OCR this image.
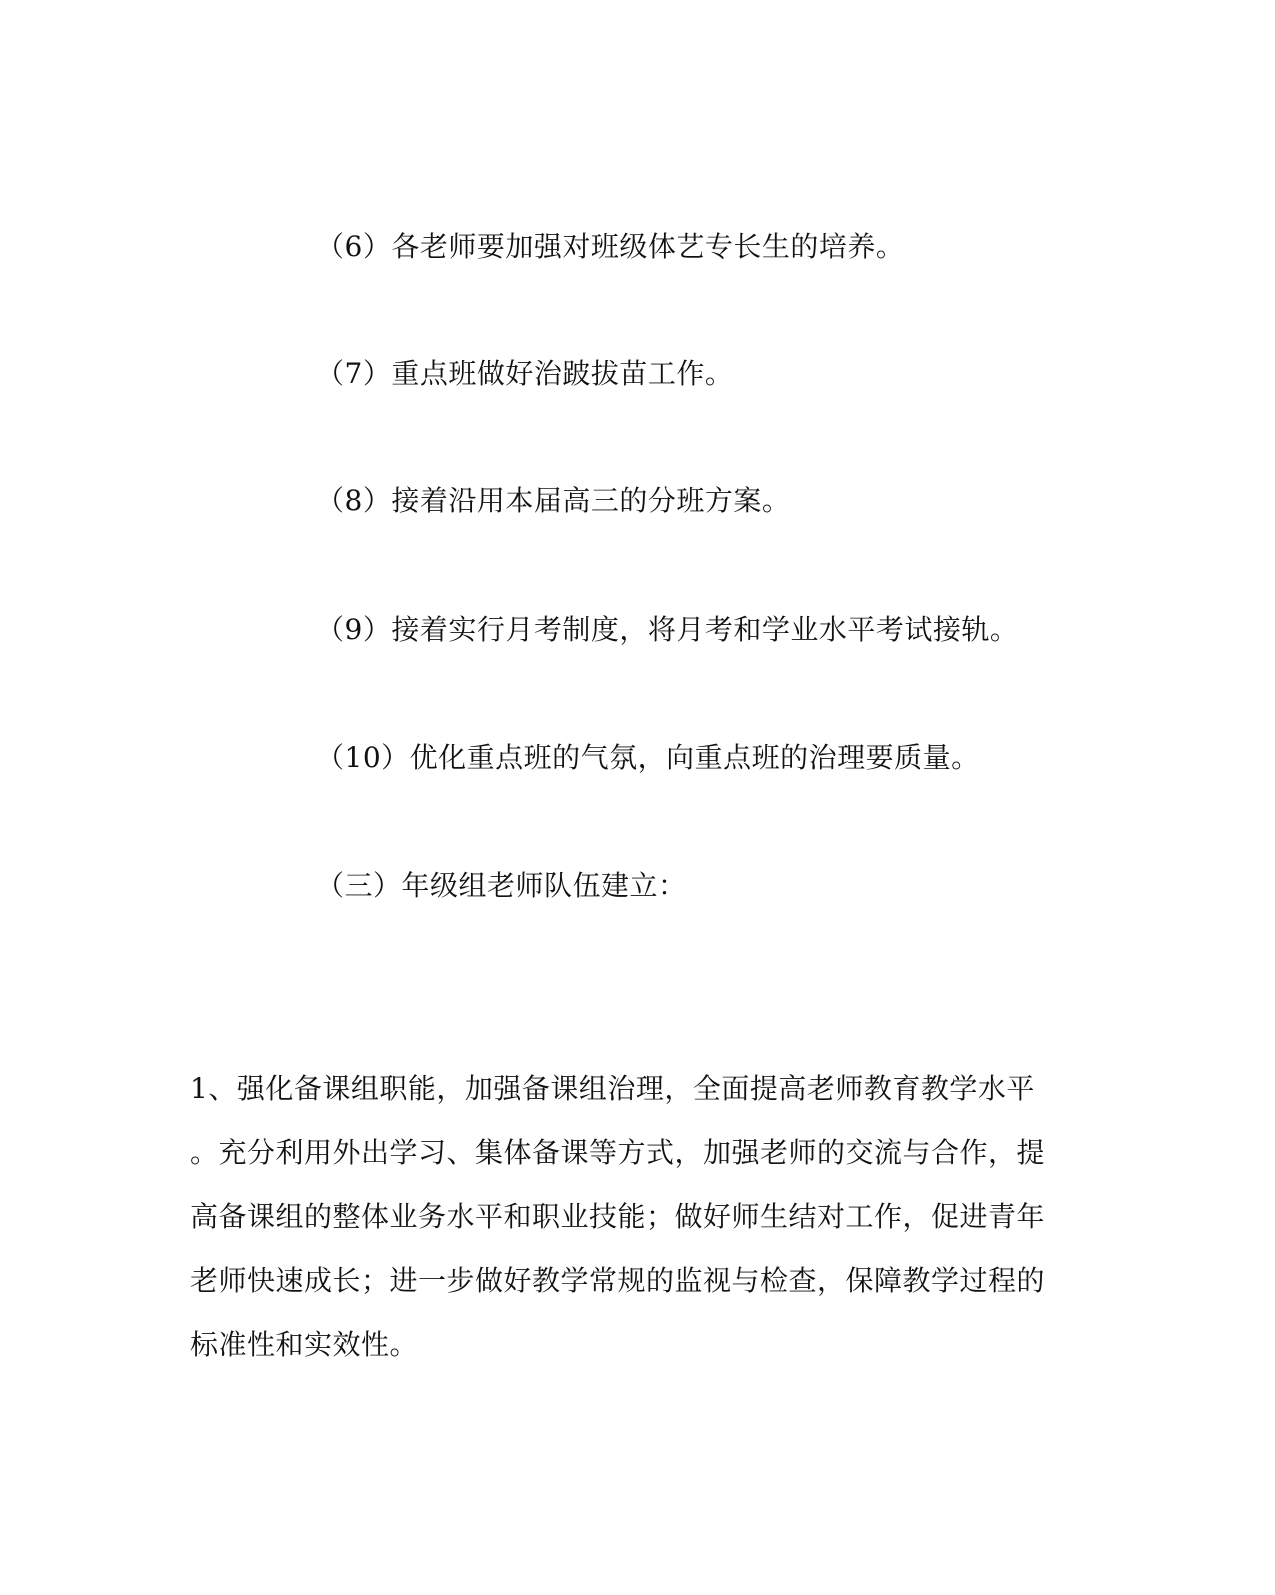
（6）各老师要加强对班级体艺专长生的培养。
（7）重点班做好治跛拔苗工作。
（8）接着沿用本届高三的分班方案。
（9）接着实行月考制度，将月考和学业水平考试接轨。
（10）优化重点班的气氛，向重点班的治理要质量。
（三）年级组老师队伍建立：
1、强化备课组职能，加强备课组治理，全面提高老师教育教学水平
。充分利用外出学习、集体备课等方式，加强老师的交流与合作，提
高备课组的整体业务水平和职业技能；做好师生结对工作，促进青年
老师快速成长；进一步做好教学常规的监视与检查，保障教学过程的
标准性和实效性。
